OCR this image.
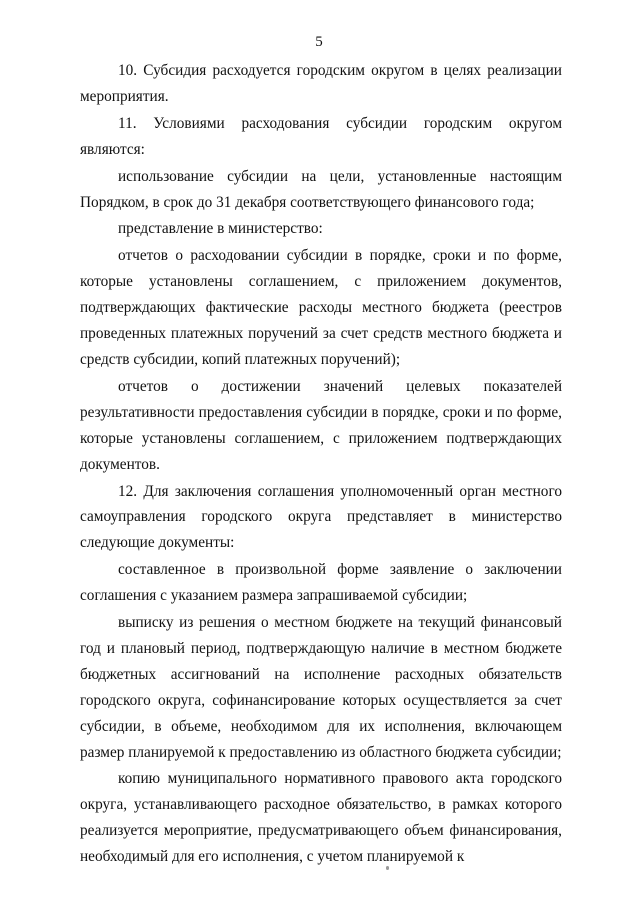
5

10. Субсидия расходуется городским округом в целях реализации мероприятия.

11. Условиями расходования субсидии городским округом являются:

использование субсидии на цели, установленные настоящим Порядком, в срок до 31 декабря соответствующего финансового года;

представление в министерство:

отчетов о расходовании субсидии в порядке, сроки и по форме, которые установлены соглашением, с приложением документов, подтверждающих фактические расходы местного бюджета (реестров проведенных платежных поручений за счет средств местного бюджета и средств субсидии, копий платежных поручений);

отчетов о достижении значений целевых показателей результативности предоставления субсидии в порядке, сроки и по форме, которые установлены соглашением, с приложением подтверждающих документов.

12. Для заключения соглашения уполномоченный орган местного самоуправления городского округа представляет в министерство следующие документы:

составленное в произвольной форме заявление о заключении соглашения с указанием размера запрашиваемой субсидии;

выписку из решения о местном бюджете на текущий финансовый год и плановый период, подтверждающую наличие в местном бюджете бюджетных ассигнований на исполнение расходных обязательств городского округа, софинансирование которых осуществляется за счет субсидии, в объеме, необходимом для их исполнения, включающем размер планируемой к предоставлению из областного бюджета субсидии;

копию муниципального нормативного правового акта городского округа, устанавливающего расходное обязательство, в рамках которого реализуется мероприятие, предусматривающего объем финансирования, необходимый для его исполнения, с учетом планируемой к
